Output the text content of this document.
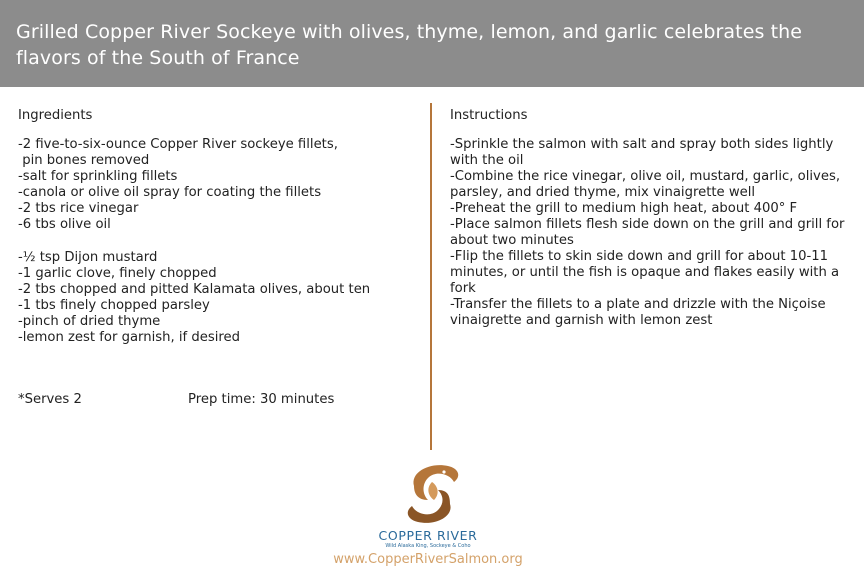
Grilled Copper River Sockeye with olives, thyme, lemon, and garlic celebrates the flavors of the South of France
Ingredients
-2 five-to-six-ounce Copper River sockeye fillets,
pin bones removed
-salt for sprinkling fillets
-canola or olive oil spray for coating the fillets
-2 tbs rice vinegar
-6 tbs olive oil
-½ tsp Dijon mustard
-1 garlic clove, finely chopped
-2 tbs chopped and pitted Kalamata olives, about ten
-1 tbs finely chopped parsley
-pinch of dried thyme
-lemon zest for garnish, if desired
*Serves 2	Prep time: 30 minutes
Instructions
-Sprinkle the salmon with salt and spray both sides lightly with the oil
-Combine the rice vinegar, olive oil, mustard, garlic, olives, parsley, and dried thyme, mix vinaigrette well
-Preheat the grill to medium high heat, about 400° F
-Place salmon fillets flesh side down on the grill and grill for about two minutes
-Flip the fillets to skin side down and grill for about 10-11 minutes, or until the fish is opaque and flakes easily with a fork
-Transfer the fillets to a plate and drizzle with the Niçoise vinaigrette and garnish with lemon zest
COPPER RIVER
Wild Alaska King, Sockeye & Coho
www.CopperRiverSalmon.org
